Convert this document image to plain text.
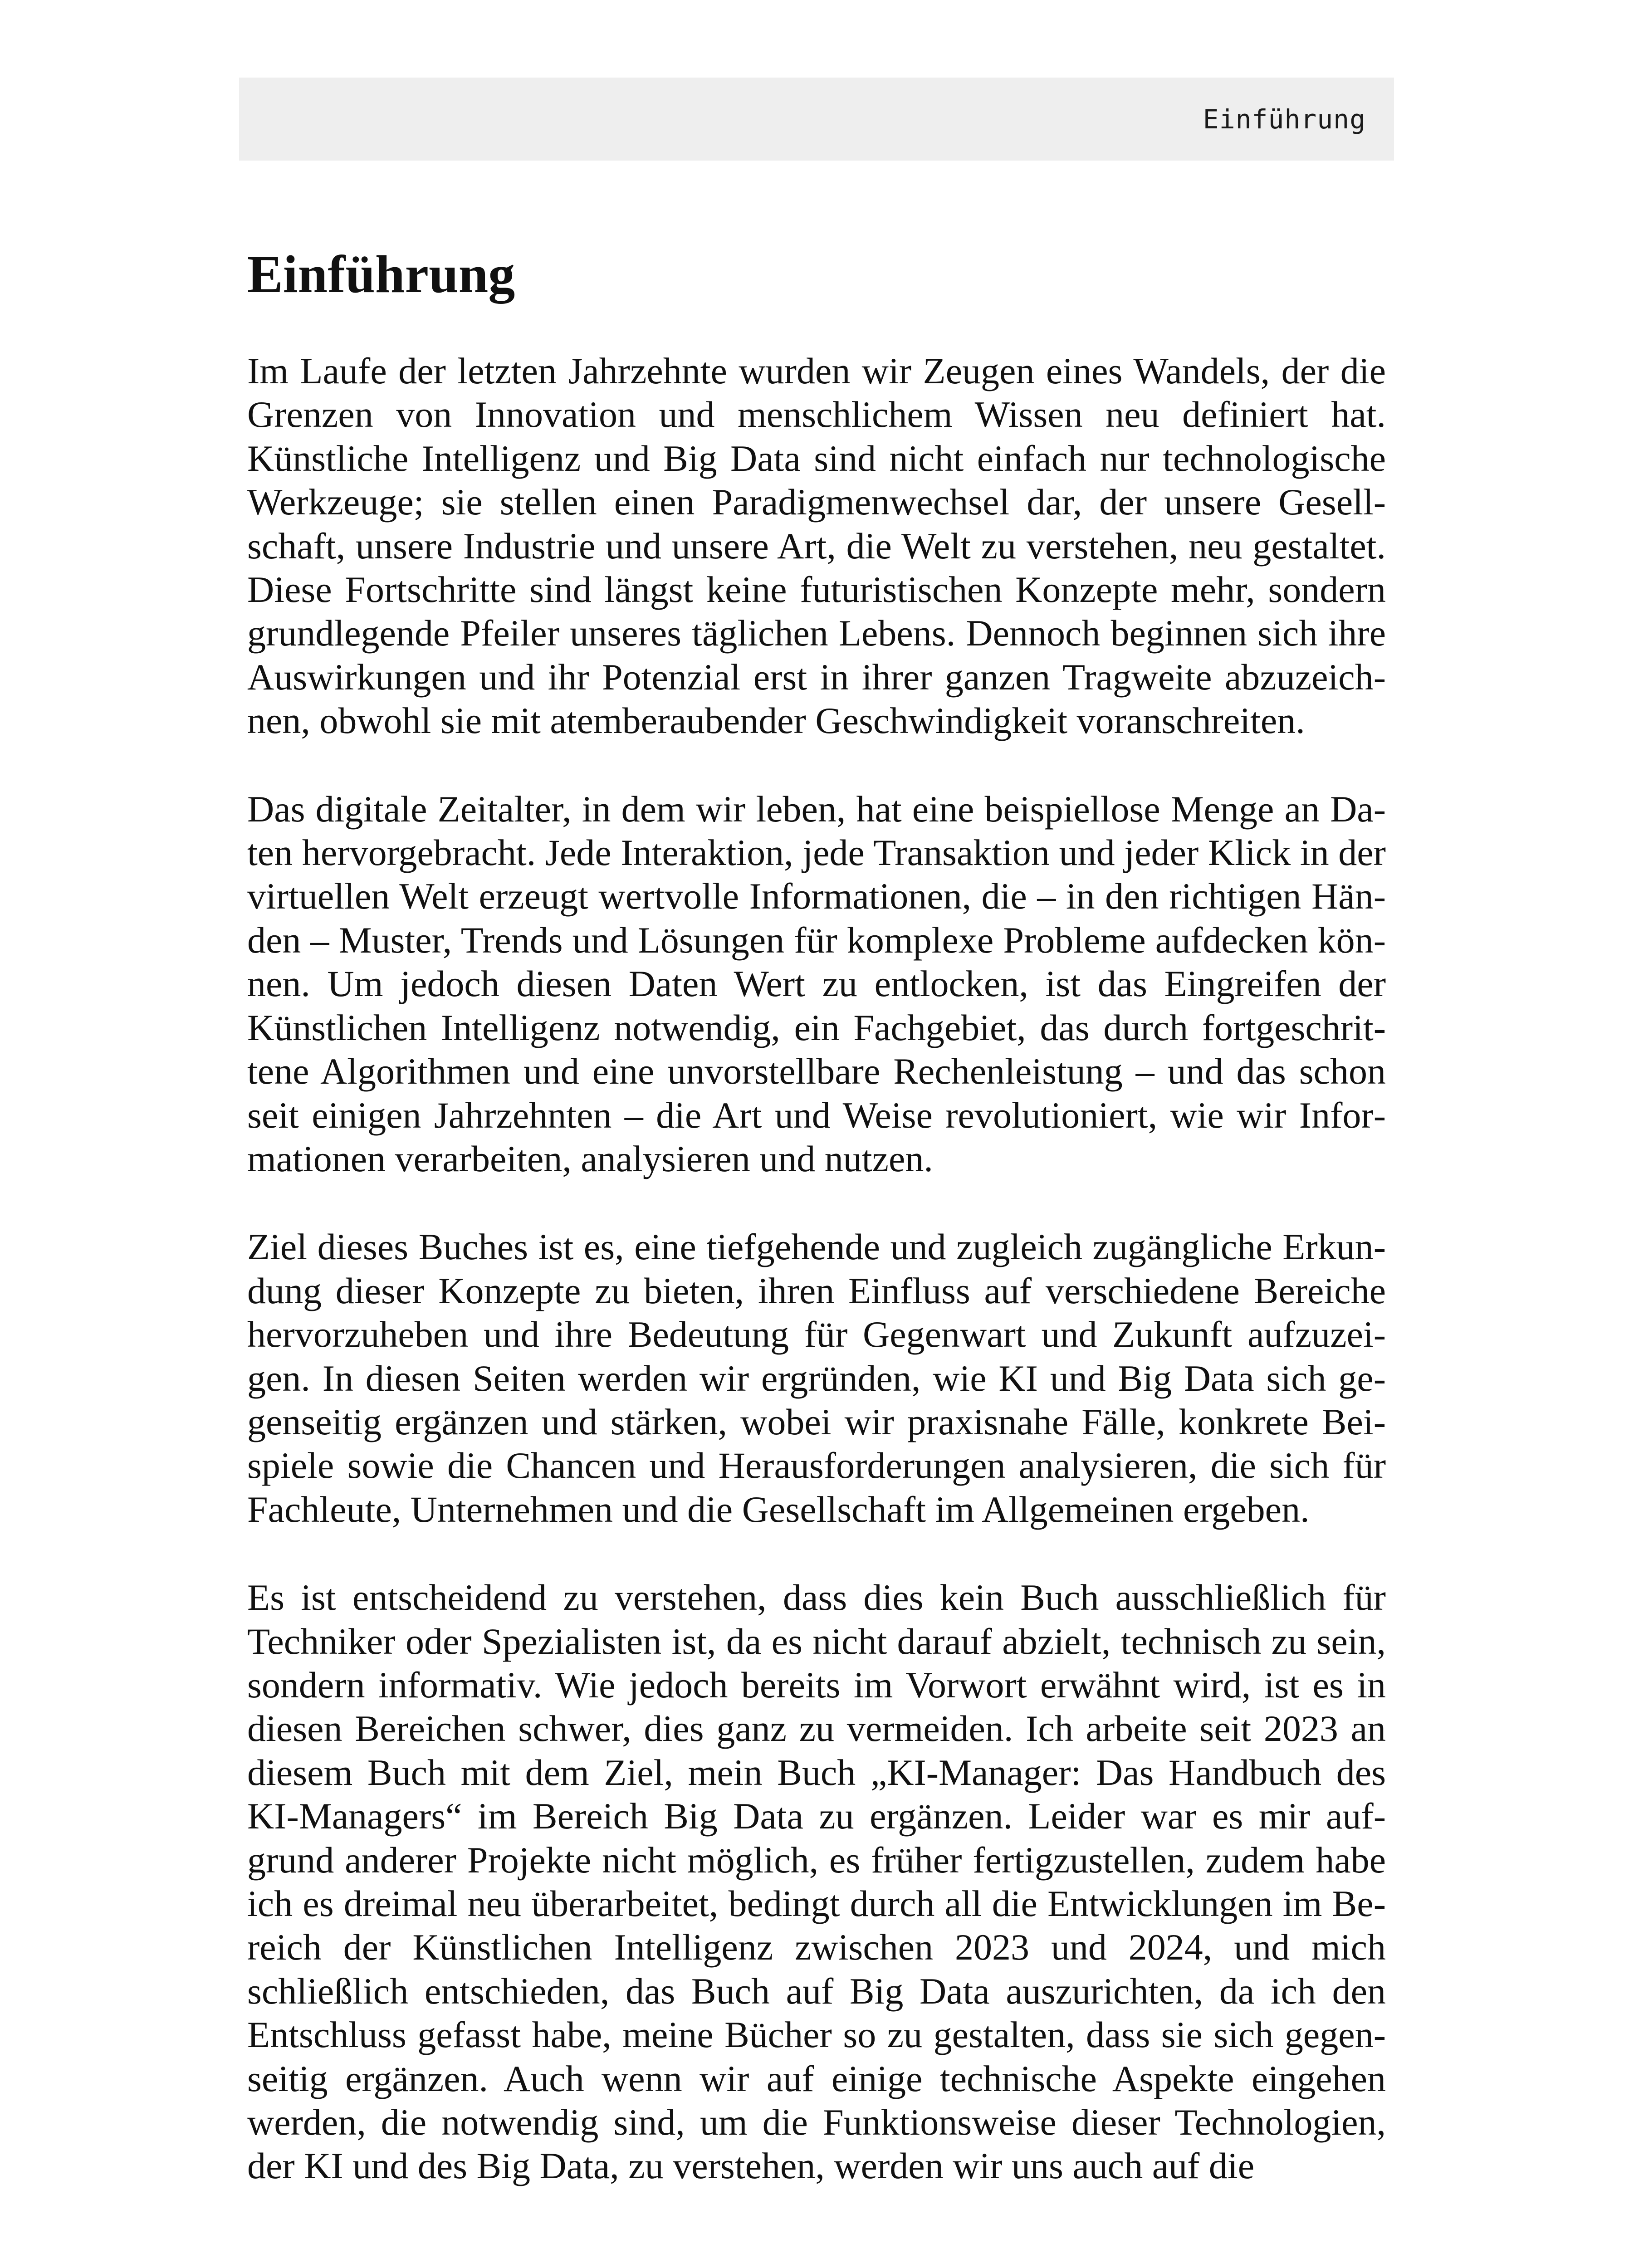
Einführung
Einführung

Im Laufe der letzten Jahrzehnte wurden wir Zeugen eines Wandels, der die Grenzen von Innovation und menschlichem Wissen neu definiert hat. Künstliche Intelligenz und Big Data sind nicht einfach nur technologische Werkzeuge; sie stellen einen Paradigmenwechsel dar, der unsere Gesellschaft, unsere Industrie und unsere Art, die Welt zu verstehen, neu gestaltet. Diese Fortschritte sind längst keine futuristischen Konzepte mehr, sondern grundlegende Pfeiler unseres täglichen Lebens. Dennoch beginnen sich ihre Auswirkungen und ihr Potenzial erst in ihrer ganzen Tragweite abzuzeichnen, obwohl sie mit atemberaubender Geschwindigkeit voranschreiten.

Das digitale Zeitalter, in dem wir leben, hat eine beispiellose Menge an Daten hervorgebracht. Jede Interaktion, jede Transaktion und jeder Klick in der virtuellen Welt erzeugt wertvolle Informationen, die – in den richtigen Händen – Muster, Trends und Lösungen für komplexe Probleme aufdecken können. Um jedoch diesen Daten Wert zu entlocken, ist das Eingreifen der Künstlichen Intelligenz notwendig, ein Fachgebiet, das durch fortgeschrittene Algorithmen und eine unvorstellbare Rechenleistung – und das schon seit einigen Jahrzehnten – die Art und Weise revolutioniert, wie wir Informationen verarbeiten, analysieren und nutzen.

Ziel dieses Buches ist es, eine tiefgehende und zugleich zugängliche Erkundung dieser Konzepte zu bieten, ihren Einfluss auf verschiedene Bereiche hervorzuheben und ihre Bedeutung für Gegenwart und Zukunft aufzuzeigen. In diesen Seiten werden wir ergründen, wie KI und Big Data sich gegenseitig ergänzen und stärken, wobei wir praxisnahe Fälle, konkrete Beispiele sowie die Chancen und Herausforderungen analysieren, die sich für Fachleute, Unternehmen und die Gesellschaft im Allgemeinen ergeben.

Es ist entscheidend zu verstehen, dass dies kein Buch ausschließlich für Techniker oder Spezialisten ist, da es nicht darauf abzielt, technisch zu sein, sondern informativ. Wie jedoch bereits im Vorwort erwähnt wird, ist es in diesen Bereichen schwer, dies ganz zu vermeiden. Ich arbeite seit 2023 an diesem Buch mit dem Ziel, mein Buch „KI-Manager: Das Handbuch des KI-Managers“ im Bereich Big Data zu ergänzen. Leider war es mir aufgrund anderer Projekte nicht möglich, es früher fertigzustellen, zudem habe ich es dreimal neu überarbeitet, bedingt durch all die Entwicklungen im Bereich der Künstlichen Intelligenz zwischen 2023 und 2024, und mich schließlich entschieden, das Buch auf Big Data auszurichten, da ich den Entschluss gefasst habe, meine Bücher so zu gestalten, dass sie sich gegenseitig ergänzen. Auch wenn wir auf einige technische Aspekte eingehen werden, die notwendig sind, um die Funktionsweise dieser Technologien, der KI und des Big Data, zu verstehen, werden wir uns auch auf die
